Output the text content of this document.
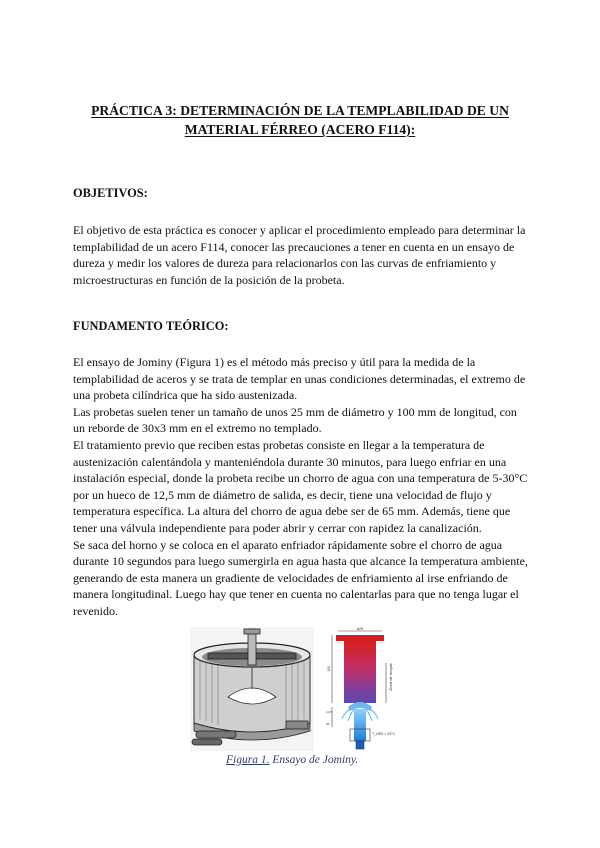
PRÁCTICA 3: DETERMINACIÓN DE LA TEMPLABILIDAD DE UN MATERIAL FÉRREO (ACERO F114):
OBJETIVOS:

El objetivo de esta práctica es conocer y aplicar el procedimiento empleado para determinar la templabilidad de un acero F114, conocer las precauciones a tener en cuenta en un ensayo de dureza y medir los valores de dureza para relacionarlos con las curvas de enfriamiento y microestructuras en función de la posición de la probeta.

FUNDAMENTO TEÓRICO:

El ensayo de Jominy (Figura 1) es el método más preciso y útil para la medida de la templabilidad de aceros y se trata de templar en unas condiciones determinadas, el extremo de una probeta cilíndrica que ha sido austenizada.

Las probetas suelen tener un tamaño de unos 25 mm de diámetro y 100 mm de longitud, con un reborde de 30x3 mm en el extremo no templado.

El tratamiento previo que reciben estas probetas consiste en llegar a la temperatura de austenización calentándola y manteniéndola durante 30 minutos, para luego enfriar en una instalación especial, donde la probeta recibe un chorro de agua con una temperatura de 5-30°C por un hueco de 12,5 mm de diámetro de salida, es decir, tiene una velocidad de flujo y temperatura específica. La altura del chorro de agua debe ser de 65 mm. Además, tiene que tener una válvula independiente para poder abrir y cerrar con rapidez la canalización.

Se saca del horno y se coloca en el aparato enfriador rápidamente sobre el chorro de agua durante 10 segundos para luego sumergirla en agua hasta que alcance la temperatura ambiente, generando de esta manera un gradiente de velocidades de enfriamiento al irse enfriando de manera longitudinal. Luego hay que tener en cuenta no calentarlas para que no tenga lugar el revenido.

ø25
100	Zona de temple
12,5
65
T_H2O = 24°C
Figura 1. Ensayo de Jominy.
